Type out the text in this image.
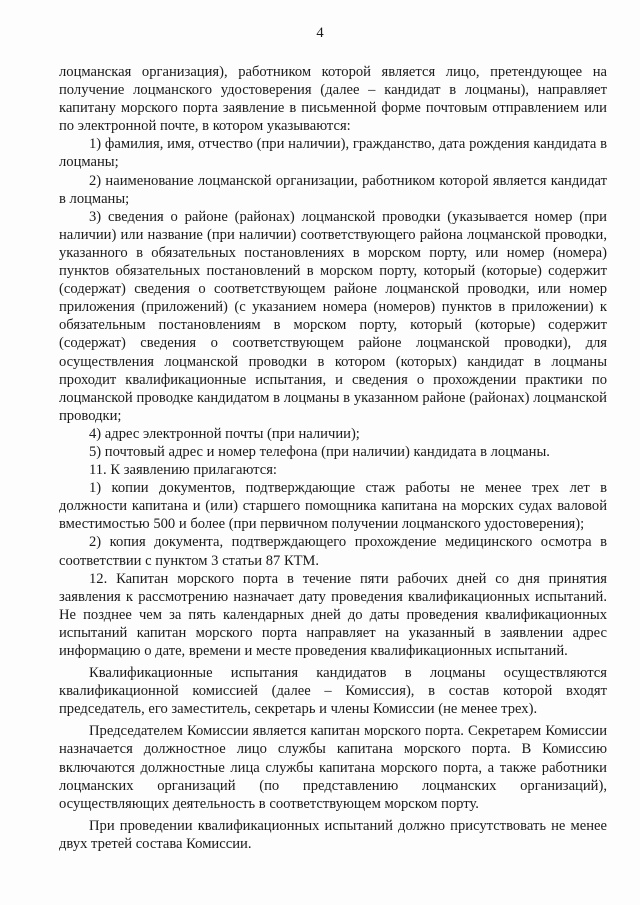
4

лоцманская организация), работником которой является лицо, претендующее на получение лоцманского удостоверения (далее – кандидат в лоцманы), направляет капитану морского порта заявление в письменной форме почтовым отправлением или по электронной почте, в котором указываются:

1) фамилия, имя, отчество (при наличии), гражданство, дата рождения кандидата в лоцманы;

2) наименование лоцманской организации, работником которой является кандидат в лоцманы;

3) сведения о районе (районах) лоцманской проводки (указывается номер (при наличии) или название (при наличии) соответствующего района лоцманской проводки, указанного в обязательных постановлениях в морском порту, или номер (номера) пунктов обязательных постановлений в морском порту, который (которые) содержит (содержат) сведения о соответствующем районе лоцманской проводки, или номер приложения (приложений) (с указанием номера (номеров) пунктов в приложении) к обязательным постановлениям в морском порту, который (которые) содержит (содержат) сведения о соответствующем районе лоцманской проводки), для осуществления лоцманской проводки в котором (которых) кандидат в лоцманы проходит квалификационные испытания, и сведения о прохождении практики по лоцманской проводке кандидатом в лоцманы в указанном районе (районах) лоцманской проводки;

4) адрес электронной почты (при наличии);

5) почтовый адрес и номер телефона (при наличии) кандидата в лоцманы.

11. К заявлению прилагаются:

1) копии документов, подтверждающие стаж работы не менее трех лет в должности капитана и (или) старшего помощника капитана на морских судах валовой вместимостью 500 и более (при первичном получении лоцманского удостоверения);

2) копия документа, подтверждающего прохождение медицинского осмотра в соответствии с пунктом 3 статьи 87 КТМ.

12. Капитан морского порта в течение пяти рабочих дней со дня принятия заявления к рассмотрению назначает дату проведения квалификационных испытаний. Не позднее чем за пять календарных дней до даты проведения квалификационных испытаний капитан морского порта направляет на указанный в заявлении адрес информацию о дате, времени и месте проведения квалификационных испытаний.

Квалификационные испытания кандидатов в лоцманы осуществляются квалификационной комиссией (далее – Комиссия), в состав которой входят председатель, его заместитель, секретарь и члены Комиссии (не менее трех).

Председателем Комиссии является капитан морского порта. Секретарем Комиссии назначается должностное лицо службы капитана морского порта. В Комиссию включаются должностные лица службы капитана морского порта, а также работники лоцманских организаций (по представлению лоцманских организаций), осуществляющих деятельность в соответствующем морском порту.

При проведении квалификационных испытаний должно присутствовать не менее двух третей состава Комиссии.
